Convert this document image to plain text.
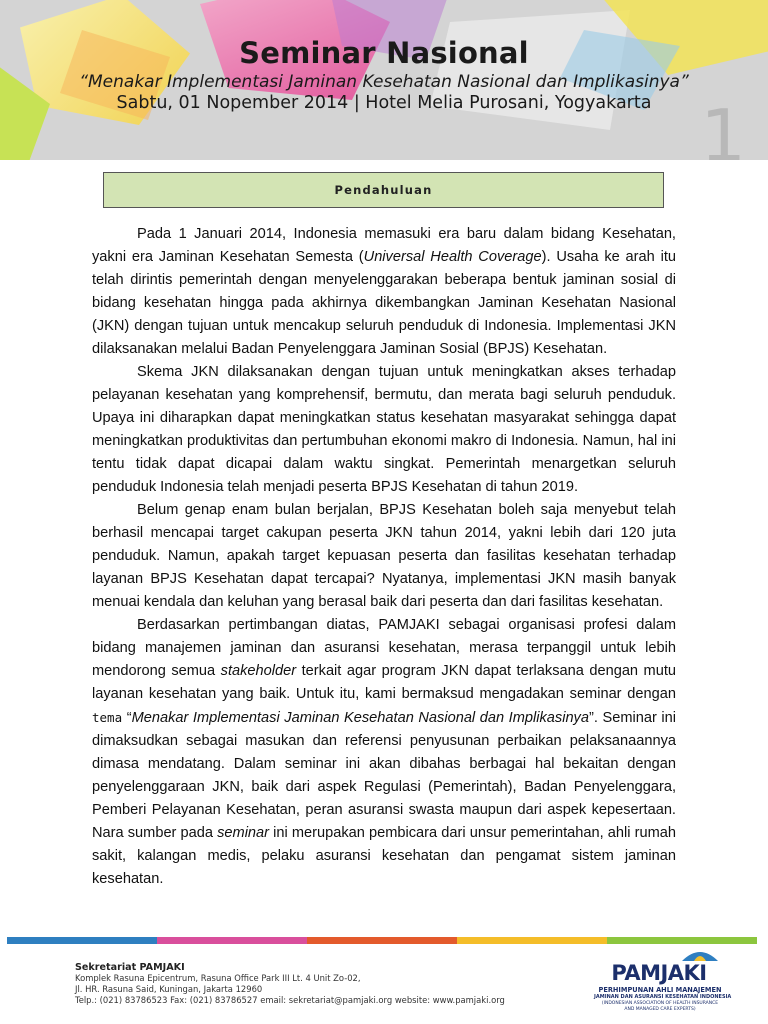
Seminar Nasional
“Menakar Implementasi Jaminan Kesehatan Nasional dan Implikasinya”
Sabtu, 01 Nopember 2014 | Hotel Melia Purosani, Yogyakarta 1
Pendahuluan

Pada 1 Januari 2014, Indonesia memasuki era baru dalam bidang Kesehatan, yakni era Jaminan Kesehatan Semesta (Universal Health Coverage). Usaha ke arah itu telah dirintis pemerintah dengan menyelenggarakan beberapa bentuk jaminan sosial di bidang kesehatan hingga pada akhirnya dikembangkan Jaminan Kesehatan Nasional (JKN) dengan tujuan untuk mencakup seluruh penduduk di Indonesia. Implementasi JKN dilaksanakan melalui Badan Penyelenggara Jaminan Sosial (BPJS) Kesehatan.

Skema JKN dilaksanakan dengan tujuan untuk meningkatkan akses terhadap pelayanan kesehatan yang komprehensif, bermutu, dan merata bagi seluruh penduduk. Upaya ini diharapkan dapat meningkatkan status kesehatan masyarakat sehingga dapat meningkatkan produktivitas dan pertumbuhan ekonomi makro di Indonesia. Namun, hal ini tentu tidak dapat dicapai dalam waktu singkat. Pemerintah menargetkan seluruh penduduk Indonesia telah menjadi peserta BPJS Kesehatan di tahun 2019.

Belum genap enam bulan berjalan, BPJS Kesehatan boleh saja menyebut telah berhasil mencapai target cakupan peserta JKN tahun 2014, yakni lebih dari 120 juta penduduk. Namun, apakah target kepuasan peserta dan fasilitas kesehatan terhadap layanan BPJS Kesehatan dapat tercapai? Nyatanya, implementasi JKN masih banyak menuai kendala dan keluhan yang berasal baik dari peserta dan dari fasilitas kesehatan.

Berdasarkan pertimbangan diatas, PAMJAKI sebagai organisasi profesi dalam bidang manajemen jaminan dan asuransi kesehatan, merasa terpanggil untuk lebih mendorong semua stakeholder terkait agar program JKN dapat terlaksana dengan mutu layanan kesehatan yang baik. Untuk itu, kami bermaksud mengadakan seminar dengan tema “Menakar Implementasi Jaminan Kesehatan Nasional dan Implikasinya”. Seminar ini dimaksudkan sebagai masukan dan referensi penyusunan perbaikan pelaksanaannya dimasa mendatang. Dalam seminar ini akan dibahas berbagai hal bekaitan dengan penyelenggaraan JKN, baik dari aspek Regulasi (Pemerintah), Badan Penyelenggara, Pemberi Pelayanan Kesehatan, peran asuransi swasta maupun dari aspek kepesertaan. Nara sumber pada seminar ini merupakan pembicara dari unsur pemerintahan, ahli rumah sakit, kalangan medis, pelaku asuransi kesehatan dan pengamat sistem jaminan kesehatan.

Sekretariat PAMJAKI
Komplek Rasuna Epicentrum, Rasuna Office Park III Lt. 4 Unit Zo-02,
Jl. HR. Rasuna Said, Kuningan, Jakarta 12960
Telp.: (021) 83786523 Fax: (021) 83786527 email: sekretariat@pamjaki.org website: www.pamjaki.org
PAMJAKI
PERHIMPUNAN AHLI MANAJEMEN
JAMINAN DAN ASURANSI KESEHATAN INDONESIA
(INDONESIAN ASSOCIATION OF HEALTH INSURANCE
AND MANAGED CARE EXPERTS)
